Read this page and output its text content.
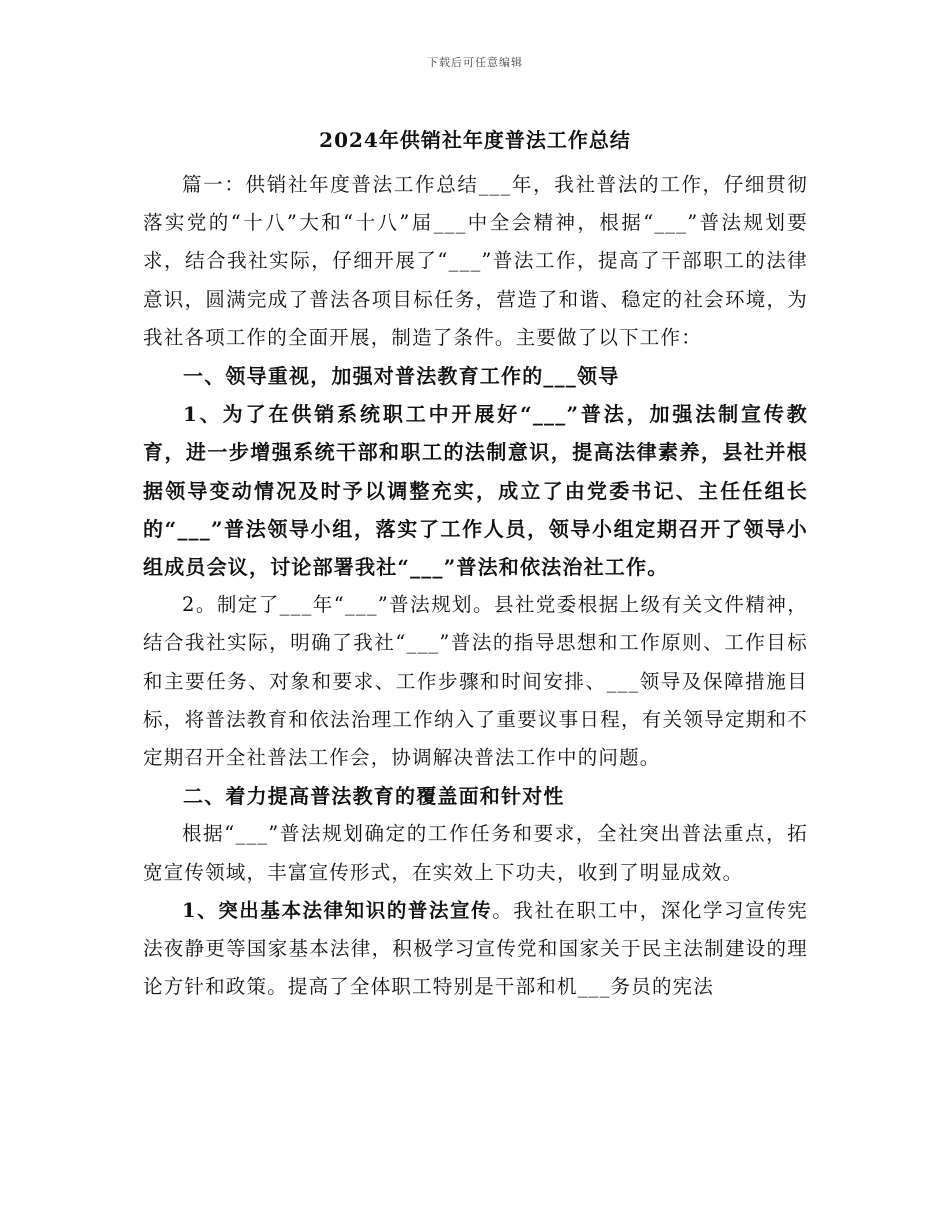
下载后可任意编辑
2024年供销社年度普法工作总结

篇一：供销社年度普法工作总结___年，我社普法的工作，仔细贯彻落实党的“十八”大和“十八”届___中全会精神，根据“___”普法规划要求，结合我社实际，仔细开展了“___”普法工作，提高了干部职工的法律意识，圆满完成了普法各项目标任务，营造了和谐、稳定的社会环境，为我社各项工作的全面开展，制造了条件。主要做了以下工作：

一、领导重视，加强对普法教育工作的___领导

1、为了在供销系统职工中开展好“___”普法，加强法制宣传教育，进一步增强系统干部和职工的法制意识，提高法律素养，县社并根据领导变动情况及时予以调整充实，成立了由党委书记、主任任组长的“___”普法领导小组，落实了工作人员，领导小组定期召开了领导小组成员会议，讨论部署我社“___”普法和依法治社工作。

2。制定了___年“___”普法规划。县社党委根据上级有关文件精神，结合我社实际，明确了我社“___”普法的指导思想和工作原则、工作目标和主要任务、对象和要求、工作步骤和时间安排、___领导及保障措施目标，将普法教育和依法治理工作纳入了重要议事日程，有关领导定期和不定期召开全社普法工作会，协调解决普法工作中的问题。

二、着力提高普法教育的覆盖面和针对性

根据“___”普法规划确定的工作任务和要求，全社突出普法重点，拓宽宣传领域，丰富宣传形式，在实效上下功夫，收到了明显成效。

1、突出基本法律知识的普法宣传。我社在职工中，深化学习宣传宪法夜静更等国家基本法律，积极学习宣传党和国家关于民主法制建设的理论方针和政策。提高了全体职工特别是干部和机___务员的宪法
